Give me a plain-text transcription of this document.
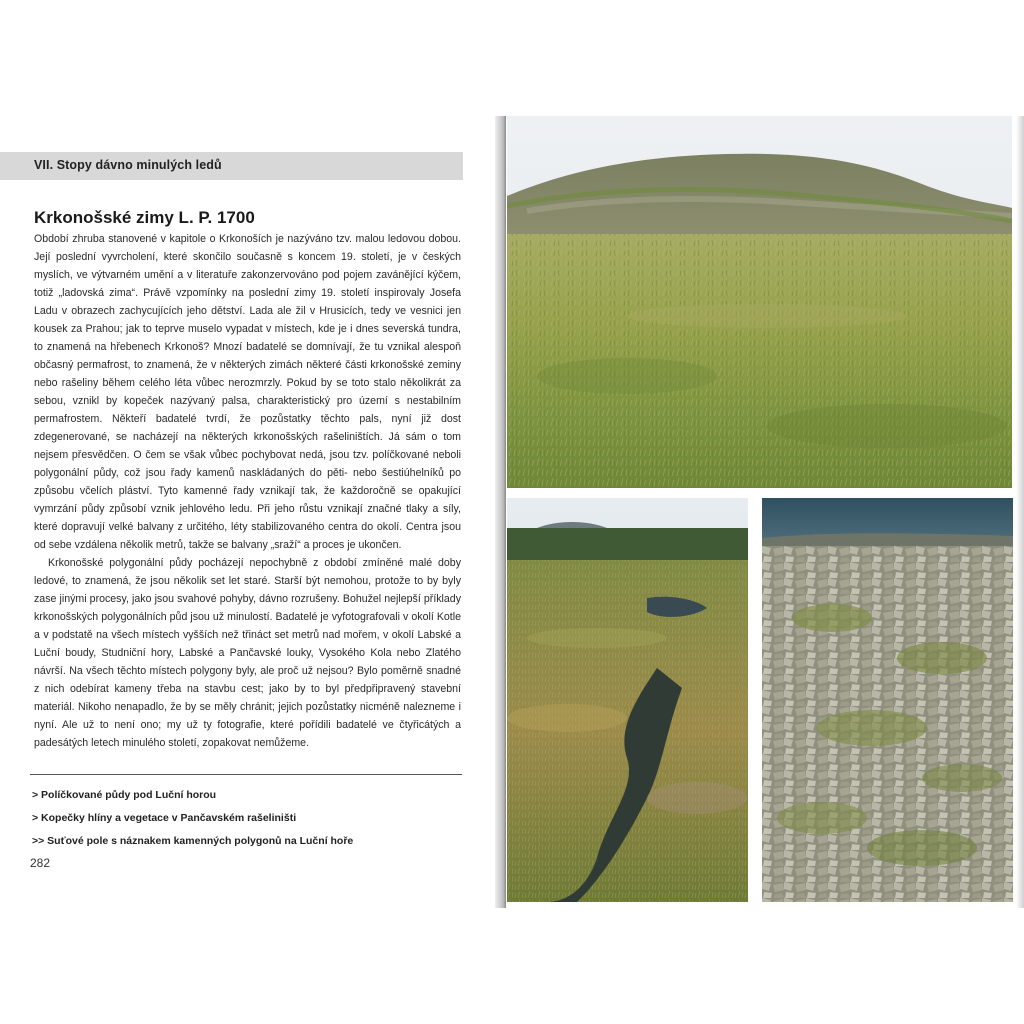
VII. Stopy dávno minulých ledů
Krkonošské zimy L. P. 1700

Období zhruba stanovené v kapitole o Krkonoších je nazýváno tzv. malou ledovou dobou. Její poslední vyvrcholení, které skončilo současně s koncem 19. století, je v českých myslích, ve výtvarném umění a v literatuře zakonzervováno pod pojem zavánějící kýčem, totiž „ladovská zima“. Právě vzpomínky na poslední zimy 19. století inspirovaly Josefa Ladu v obrazech zachycujících jeho dětství. Lada ale žil v Hrusicích, tedy ve vesnici jen kousek za Prahou; jak to teprve muselo vypadat v místech, kde je i dnes severská tundra, to znamená na hřebenech Krkonoš? Mnozí badatelé se domnívají, že tu vznikal alespoň občasný permafrost, to znamená, že v některých zimách některé části krkonošské zeminy nebo rašeliny během celého léta vůbec nerozmrzly. Pokud by se toto stalo několikrát za sebou, vznikl by kopeček nazývaný palsa, charakteristický pro území s nestabilním permafrostem. Někteří badatelé tvrdí, že pozůstatky těchto pals, nyní již dost zdegenerované, se nacházejí na některých krkonošských rašeliništích. Já sám o tom nejsem přesvědčen. O čem se však vůbec pochybovat nedá, jsou tzv. políčkované neboli polygonální půdy, což jsou řady kamenů naskládaných do pěti- nebo šestiúhelníků po způsobu včelích pláství. Tyto kamenné řady vznikají tak, že každoročně se opakující vymrzání půdy způsobí vznik jehlového ledu. Při jeho růstu vznikají značné tlaky a síly, které dopravují velké balvany z určitého, léty stabilizovaného centra do okolí. Centra jsou od sebe vzdálena několik metrů, takže se balvany „sraží“ a proces je ukončen.

Krkonošské polygonální půdy pocházejí nepochybně z období zmíněné malé doby ledové, to znamená, že jsou několik set let staré. Starší být nemohou, protože to by byly zase jinými procesy, jako jsou svahové pohyby, dávno rozrušeny. Bohužel nejlepší příklady krkonošských polygonálních půd jsou už minulostí. Badatelé je vyfotografovali v okolí Kotle a v podstatě na všech místech vyšších než třináct set metrů nad mořem, v okolí Labské a Luční boudy, Studniční hory, Labské a Pančavské louky, Vysokého Kola nebo Zlatého návrší. Na všech těchto místech polygony byly, ale proč už nejsou? Bylo poměrně snadné z nich odebírat kameny třeba na stavbu cest; jako by to byl předpřipravený stavební materiál. Nikoho nenapadlo, že by se měly chránit; jejich pozůstatky nicméně nalezneme i nyní. Ale už to není ono; my už ty fotografie, které pořídili badatelé ve čtyřicátých a padesátých letech minulého století, zopakovat nemůžeme.

> Políčkované půdy pod Luční horou
> Kopečky hlíny a vegetace v Pančavském rašeliništi
>> Suťové pole s náznakem kamenných polygonů na Luční hoře
282
